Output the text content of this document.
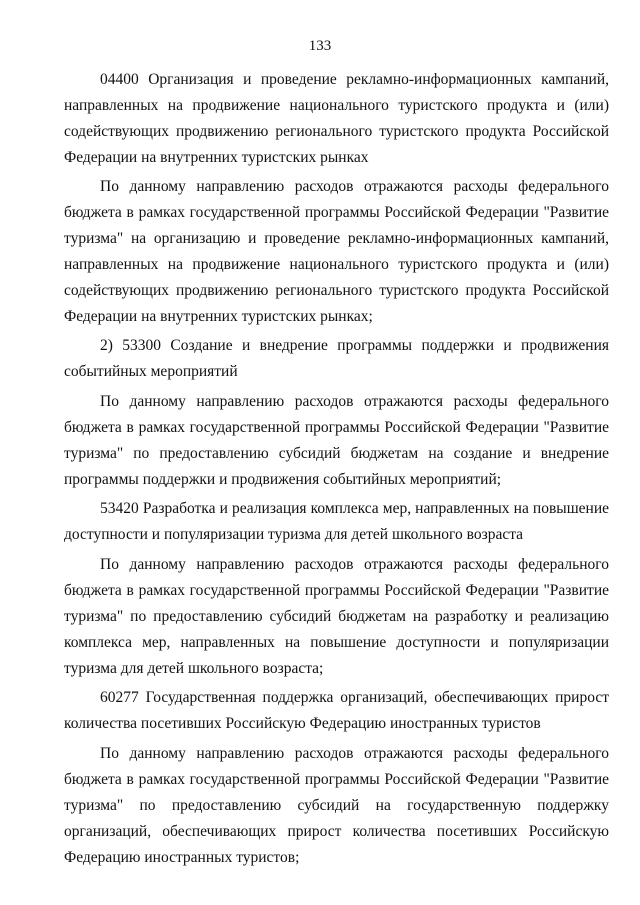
133

04400 Организация и проведение рекламно-информационных кампаний, направленных на продвижение национального туристского продукта и (или) содействующих продвижению регионального туристского продукта Российской Федерации на внутренних туристских рынках

По данному направлению расходов отражаются расходы федерального бюджета в рамках государственной программы Российской Федерации "Развитие туризма" на организацию и проведение рекламно-информационных кампаний, направленных на продвижение национального туристского продукта и (или) содействующих продвижению регионального туристского продукта Российской Федерации на внутренних туристских рынках;

2) 53300 Создание и внедрение программы поддержки и продвижения событийных мероприятий

По данному направлению расходов отражаются расходы федерального бюджета в рамках государственной программы Российской Федерации "Развитие туризма" по предоставлению субсидий бюджетам на создание и внедрение программы поддержки и продвижения событийных мероприятий;

53420 Разработка и реализация комплекса мер, направленных на повышение доступности и популяризации туризма для детей школьного возраста

По данному направлению расходов отражаются расходы федерального бюджета в рамках государственной программы Российской Федерации "Развитие туризма" по предоставлению субсидий бюджетам на разработку и реализацию комплекса мер, направленных на повышение доступности и популяризации туризма для детей школьного возраста;

60277 Государственная поддержка организаций, обеспечивающих прирост количества посетивших Российскую Федерацию иностранных туристов

По данному направлению расходов отражаются расходы федерального бюджета в рамках государственной программы Российской Федерации "Развитие туризма" по предоставлению субсидий на государственную поддержку организаций, обеспечивающих прирост количества посетивших Российскую Федерацию иностранных туристов;
